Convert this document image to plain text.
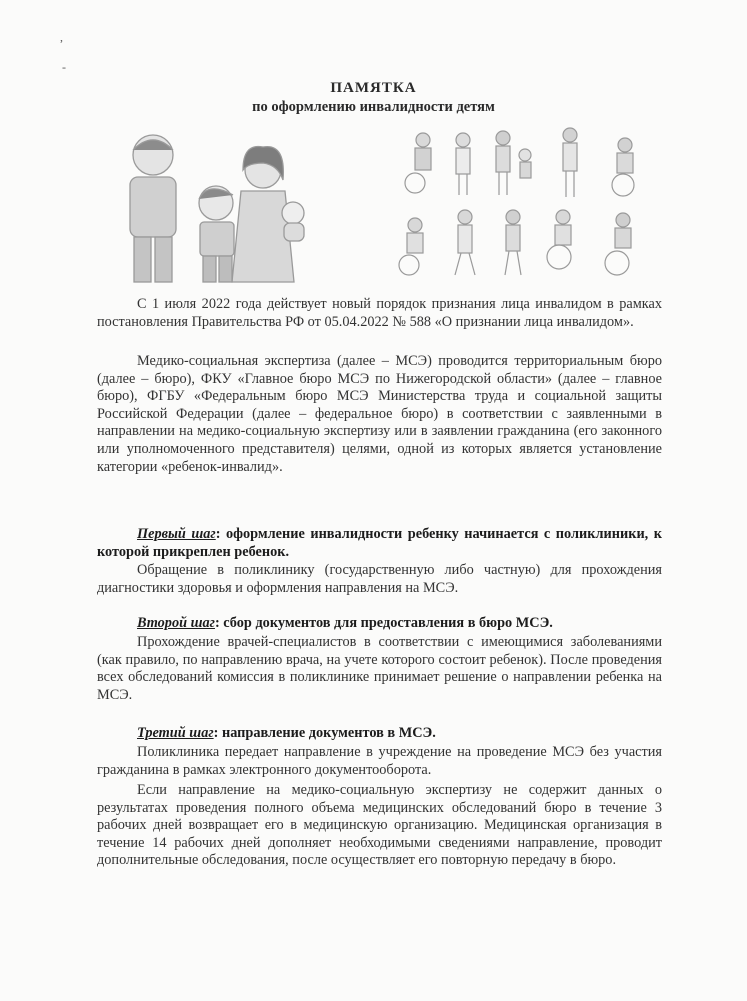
,
-
ПАМЯТКА
по оформлению инвалидности детям
С 1 июля 2022 года действует новый порядок признания лица инвалидом в рамках постановления Правительства РФ от 05.04.2022 № 588 «О признании лица инвалидом».
Медико-социальная экспертиза (далее – МСЭ) проводится территориальным бюро (далее – бюро), ФКУ «Главное бюро МСЭ по Нижегородской области» (далее – главное бюро), ФГБУ «Федеральным бюро МСЭ Министерства труда и социальной защиты Российской Федерации (далее – федеральное бюро) в соответствии с заявленными в направлении на медико-социальную экспертизу или в заявлении гражданина (его законного или уполномоченного представителя) целями, одной из которых является установление категории «ребенок-инвалид».
Первый шаг: оформление инвалидности ребенку начинается с поликлиники, к которой прикреплен ребенок.
Обращение в поликлинику (государственную либо частную) для прохождения диагностики здоровья и оформления направления на МСЭ.
Второй шаг: сбор документов для предоставления в бюро МСЭ.
Прохождение врачей-специалистов в соответствии с имеющимися заболеваниями (как правило, по направлению врача, на учете которого состоит ребенок). После проведения всех обследований комиссия в поликлинике принимает решение о направлении ребенка на МСЭ.
Третий шаг: направление документов в МСЭ.
Поликлиника передает направление в учреждение на проведение МСЭ без участия гражданина в рамках электронного документооборота.
Если направление на медико-социальную экспертизу не содержит данных о результатах проведения полного объема медицинских обследований бюро в течение 3 рабочих дней возвращает его в медицинскую организацию. Медицинская организация в течение 14 рабочих дней дополняет необходимыми сведениями направление, проводит дополнительные обследования, после осуществляет его повторную передачу в бюро.
